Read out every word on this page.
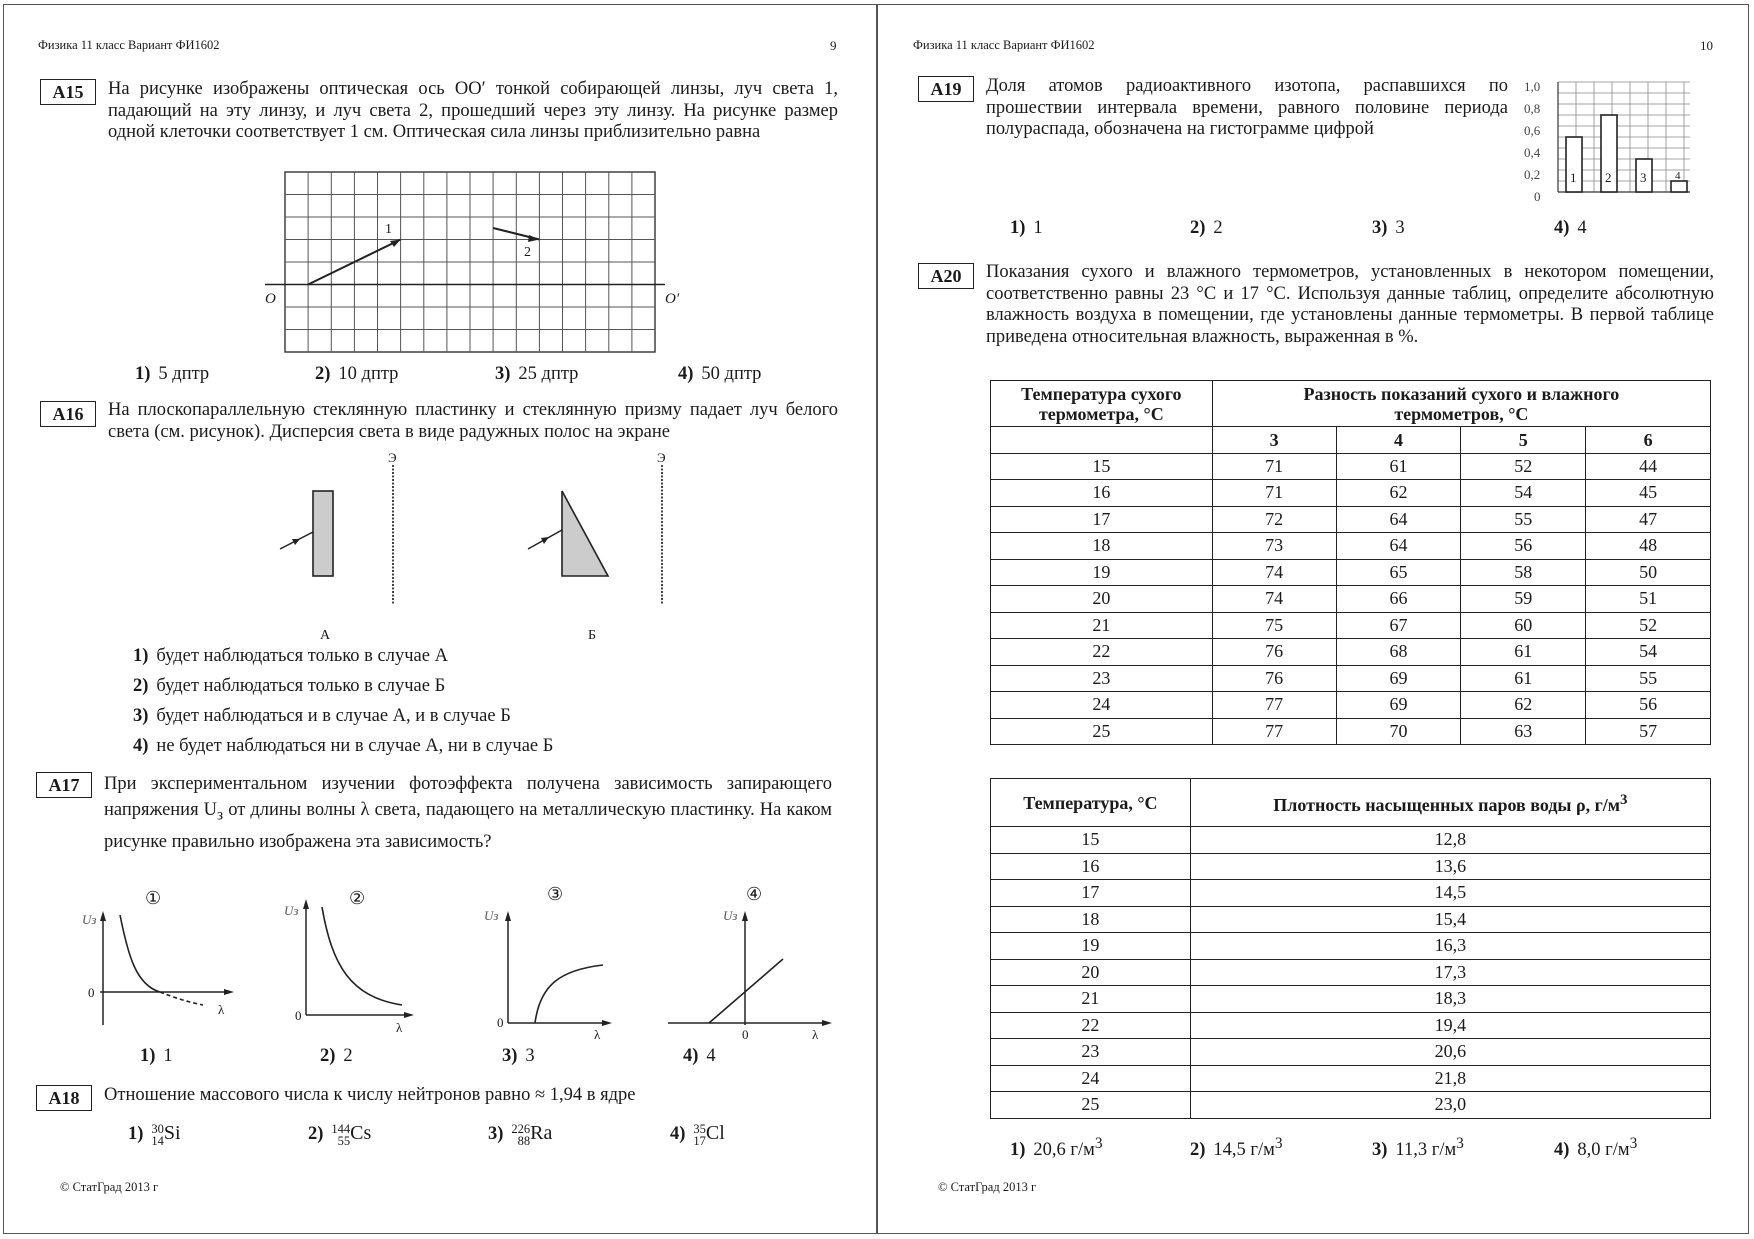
Физика 11 класс Вариант ФИ1602	9
A15	На рисунке изображены оптическая ось OO′ тонкой собирающей линзы, луч света 1, падающий на эту линзу, и луч света 2, прошедший через эту линзу. На рисунке размер одной клеточки соответствует 1 см. Оптическая сила линзы приблизительно равна
1
2
O	O′
1) 5 дптр	2) 10 дптр	3) 25 дптр	4) 50 дптр
A16	На плоскопараллельную стеклянную пластинку и стеклянную призму падает луч белого света (см. рисунок). Дисперсия света в виде радужных полос на экране
Э	Э
А	Б
1) будет наблюдаться только в случае А
2) будет наблюдаться только в случае Б
3) будет наблюдаться и в случае А, и в случае Б
4) не будет наблюдаться ни в случае А, ни в случае Б
A17	При экспериментальном изучении фотоэффекта получена зависимость запирающего напряжения $U_з$ от длины волны λ света, падающего на металлическую пластинку. На каком рисунке правильно изображена эта зависимость?
①	②	③	④
Uз
Uз	Uз	Uз
0
0	0
0
λ
λ	λ	λ
1) 1	2) 2	3) 3	4) 4
A18	Отношение массового числа к числу нейтронов равно ≈ 1,94 в ядре
1) 30
14Si	2) 144
55Cs	3) 226
88Ra	4) 35
17Cl
© СтатГрад 2013 г
Физика 11 класс Вариант ФИ1602	10
A19	Доля атомов радиоактивного изотопа, распавшихся по прошествии интервала времени, равного половине периода полураспада, обозначена на гистограмме цифрой
1,0
0,8
0,6
0,4
0,2
0
1 2 3	4
1) 1	2) 2	3) 3	4) 4
A20	Показания сухого и влажного термометров, установленных в некотором помещении, соответственно равны 23 °С и 17 °С. Используя данные таблиц, определите абсолютную влажность воздуха в помещении, где установлены данные термометры. В первой таблице приведена относительная влажность, выраженная в %.
Температура сухого термометра, °С	Разность показаний сухого и влажного термометров, °С			
	3	4	5	6
15	71	61	52	44
16	71	62	54	45
17	72	64	55	47
18	73	64	56	48
19	74	65	58	50
20	74	66	59	51
21	75	67	60	52
22	76	68	61	54
23	76	69	61	55
24	77	69	62	56
25	77	70	63	57
Температура, °С	Плотность насыщенных паров воды ρ, $г/м^3$
15	12,8
16	13,6
17	14,5
18	15,4
19	16,3
20	17,3
21	18,3
22	19,4
23	20,6
24	21,8
25	23,0
1) 20,6 $г/м^3$	2) 14,5 $г/м^3$	3) 11,3 $г/м^3$	4) 8,0 $г/м^3$
© СтатГрад 2013 г
